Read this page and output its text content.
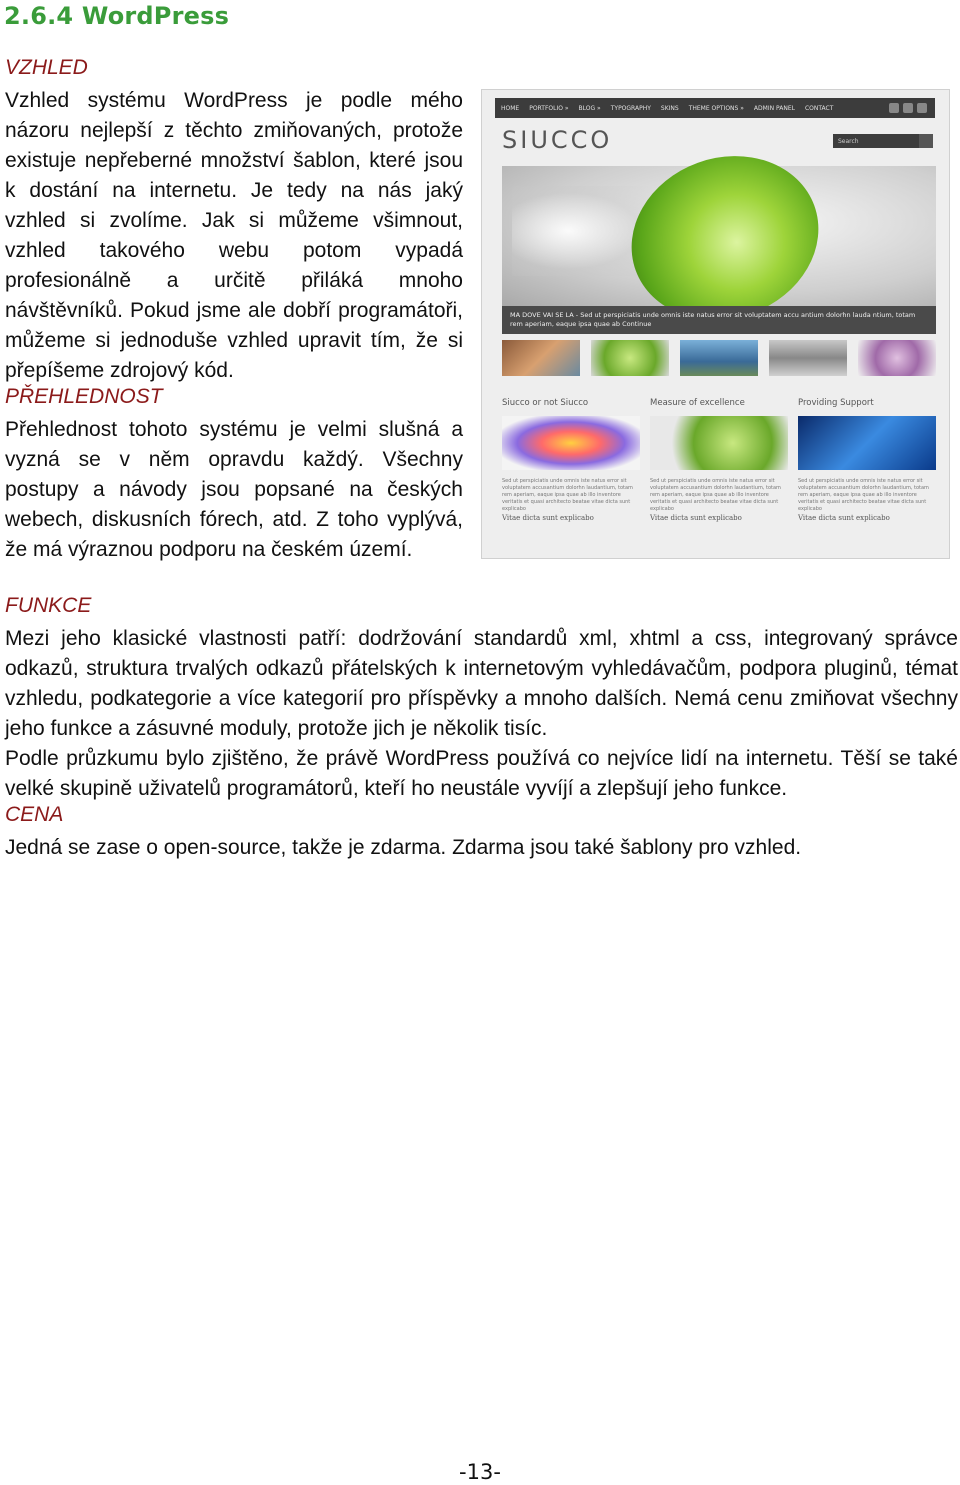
2.6.4 WordPress

VZHLED

Vzhled systému WordPress je podle mého názoru nejlepší z těchto zmiňovaných, protože existuje nepřeberné množství šablon, které jsou k dostání na internetu. Je tedy na nás jaký vzhled si zvolíme. Jak si můžeme všimnout, vzhled takového webu potom vypadá profesionálně a určitě přiláká mnoho návštěvníků. Pokud jsme ale dobří programátoři, můžeme si jednoduše vzhled upravit tím, že si přepíšeme zdrojový kód.

PŘEHLEDNOST

Přehlednost tohoto systému je velmi slušná a vyzná se v něm opravdu každý. Všechny postupy a návody jsou popsané na českých webech, diskusních fórech, atd. Z toho vyplývá, že má výraznou podporu na českém území.

FUNKCE

Mezi jeho klasické vlastnosti patří: dodržování standardů xml, xhtml a css, integrovaný správce odkazů, struktura trvalých odkazů přátelských k internetovým vyhledávačům, podpora pluginů, témat vzhledu, podkategorie a více kategorií pro příspěvky a mnoho dalších. Nemá cenu zmiňovat všechny jeho funkce a zásuvné moduly, protože jich je několik tisíc.

Podle průzkumu bylo zjištěno, že právě WordPress používá co nejvíce lidí na internetu. Těší se také velké skupině uživatelů programátorů, kteří ho neustále vyvíjí a zlepšují jeho funkce.

CENA

Jedná se zase o open-source, takže je zdarma. Zdarma jsou také šablony pro vzhled.

HOME PORTFOLIO » BLOG » TYPOGRAPHY SKINS THEME OPTIONS » ADMIN PANEL CONTACT
SIUCCO	Search
MA DOVE VAI SE LA - Sed ut perspiciatis unde omnis iste natus error sit voluptatem accu antium dolorhn lauda ntium, totam rem aperiam, eaque ipsa quae ab Continue
Siucco or not Siucco
Sed ut perspiciatis unde omnis iste natus error sit voluptatem accusantium dolorhn laudantium, totam rem aperiam, eaque ipsa quae ab illo inventore veritatis et quasi architecto beatae vitae dicta sunt explicabo
Vitae dicta sunt explicabo
Measure of excellence
Sed ut perspiciatis unde omnis iste natus error sit voluptatem accusantium dolorhn laudantium, totam rem aperiam, eaque ipsa quae ab illo inventore veritatis et quasi architecto beatae vitae dicta sunt explicabo
Vitae dicta sunt explicabo
Providing Support
Sed ut perspiciatis unde omnis iste natus error sit voluptatem accusantium dolorhn laudantium, totam rem aperiam, eaque ipsa quae ab illo inventore veritatis et quasi architecto beatae vitae dicta sunt explicabo
Vitae dicta sunt explicabo
-13-
